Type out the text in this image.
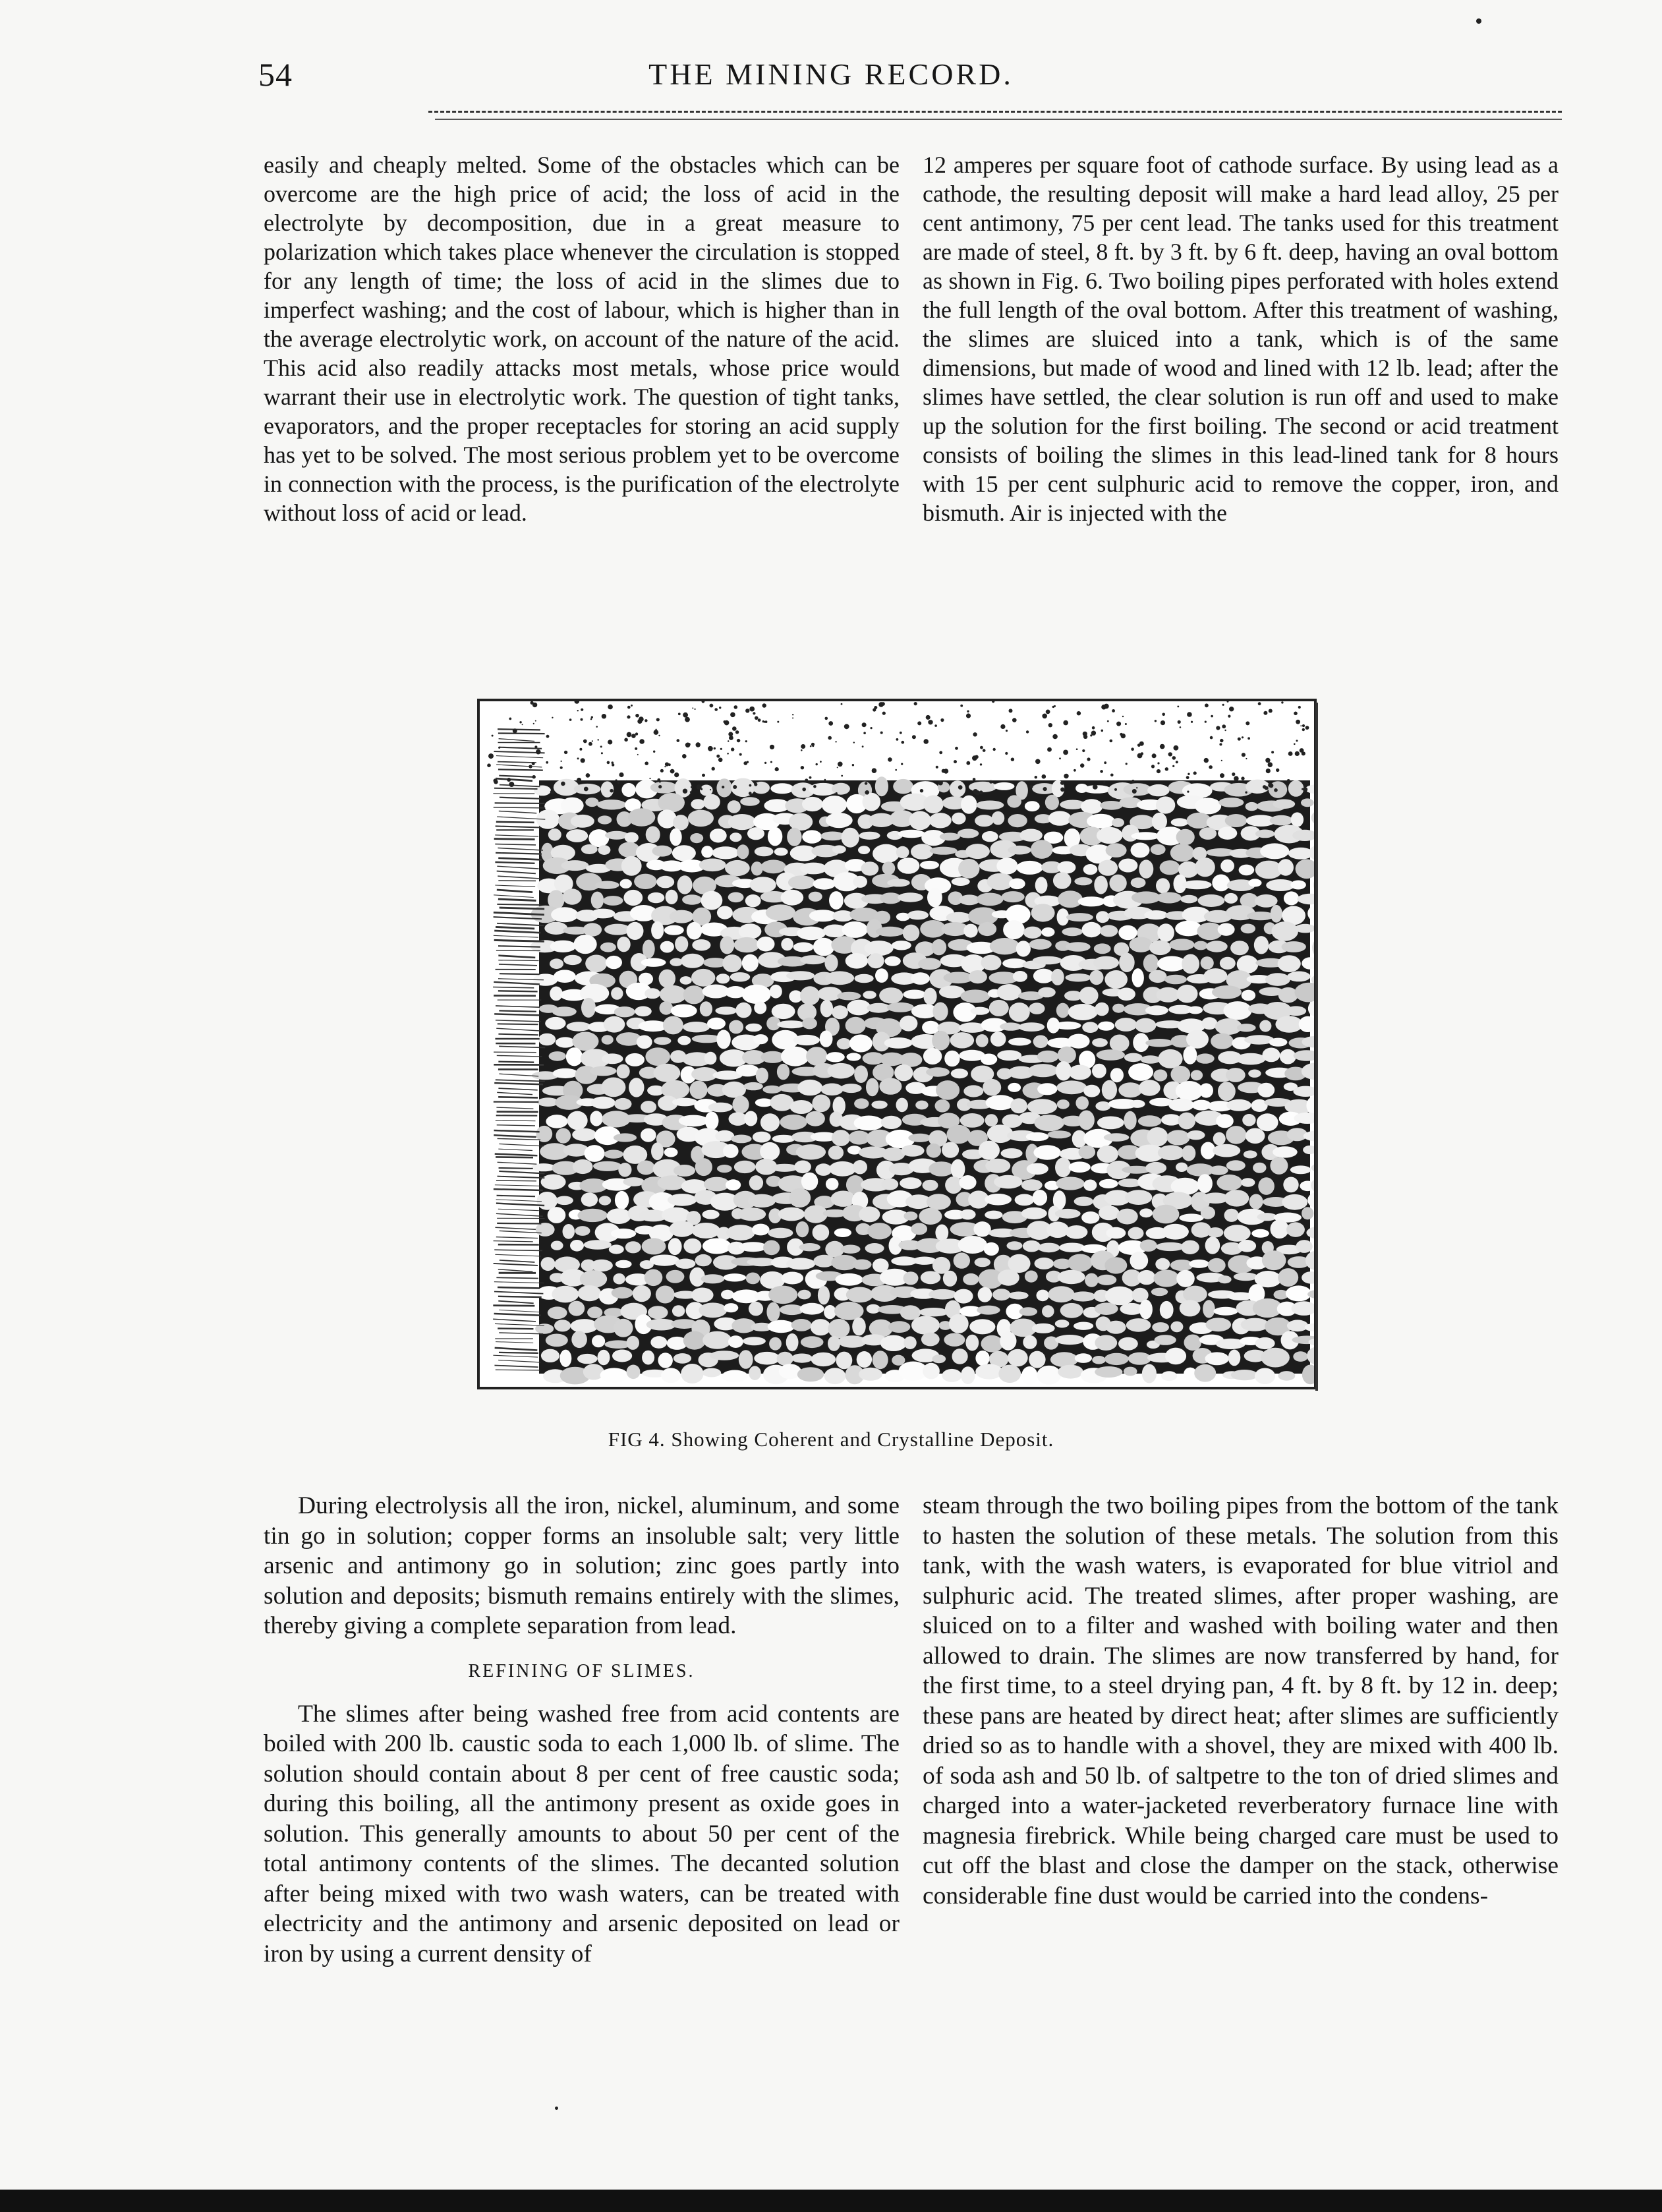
54	THE MINING RECORD.

easily and cheaply melted. Some of the obstacles which can be overcome are the high price of acid; the loss of acid in the electrolyte by decomposition, due in a great measure to polarization which takes place whenever the circulation is stopped for any length of time; the loss of acid in the slimes due to imperfect washing; and the cost of labour, which is higher than in the average electrolytic work, on account of the nature of the acid. This acid also readily attacks most metals, whose price would warrant their use in electrolytic work. The question of tight tanks, evaporators, and the proper receptacles for storing an acid supply has yet to be solved. The most serious problem yet to be overcome in connection with the process, is the purification of the electrolyte without loss of acid or lead.

12 amperes per square foot of cathode surface. By using lead as a cathode, the resulting deposit will make a hard lead alloy, 25 per cent antimony, 75 per cent lead. The tanks used for this treatment are made of steel, 8 ft. by 3 ft. by 6 ft. deep, having an oval bottom as shown in Fig. 6. Two boiling pipes perforated with holes extend the full length of the oval bottom. After this treatment of washing, the slimes are sluiced into a tank, which is of the same dimensions, but made of wood and lined with 12 lb. lead; after the slimes have settled, the clear solution is run off and used to make up the solution for the first boiling. The second or acid treatment consists of boiling the slimes in this lead-lined tank for 8 hours with 15 per cent sulphuric acid to remove the copper, iron, and bismuth. Air is injected with the

FIG 4. Showing Coherent and Crystalline Deposit.

During electrolysis all the iron, nickel, aluminum, and some tin go in solution; copper forms an insoluble salt; very little arsenic and antimony go in solution; zinc goes partly into solution and deposits; bismuth remains entirely with the slimes, thereby giving a complete separation from lead.

REFINING OF SLIMES.

The slimes after being washed free from acid contents are boiled with 200 lb. caustic soda to each 1,000 lb. of slime. The solution should contain about 8 per cent of free caustic soda; during this boiling, all the antimony present as oxide goes in solution. This generally amounts to about 50 per cent of the total antimony contents of the slimes. The decanted solution after being mixed with two wash waters, can be treated with electricity and the antimony and arsenic deposited on lead or iron by using a current density of

steam through the two boiling pipes from the bottom of the tank to hasten the solution of these metals. The solution from this tank, with the wash waters, is evaporated for blue vitriol and sulphuric acid. The treated slimes, after proper washing, are sluiced on to a filter and washed with boiling water and then allowed to drain. The slimes are now transferred by hand, for the first time, to a steel drying pan, 4 ft. by 8 ft. by 12 in. deep; these pans are heated by direct heat; after slimes are sufficiently dried so as to handle with a shovel, they are mixed with 400 lb. of soda ash and 50 lb. of saltpetre to the ton of dried slimes and charged into a water-jacketed reverberatory furnace line with magnesia firebrick. While being charged care must be used to cut off the blast and close the damper on the stack, otherwise considerable fine dust would be carried into the condens-
